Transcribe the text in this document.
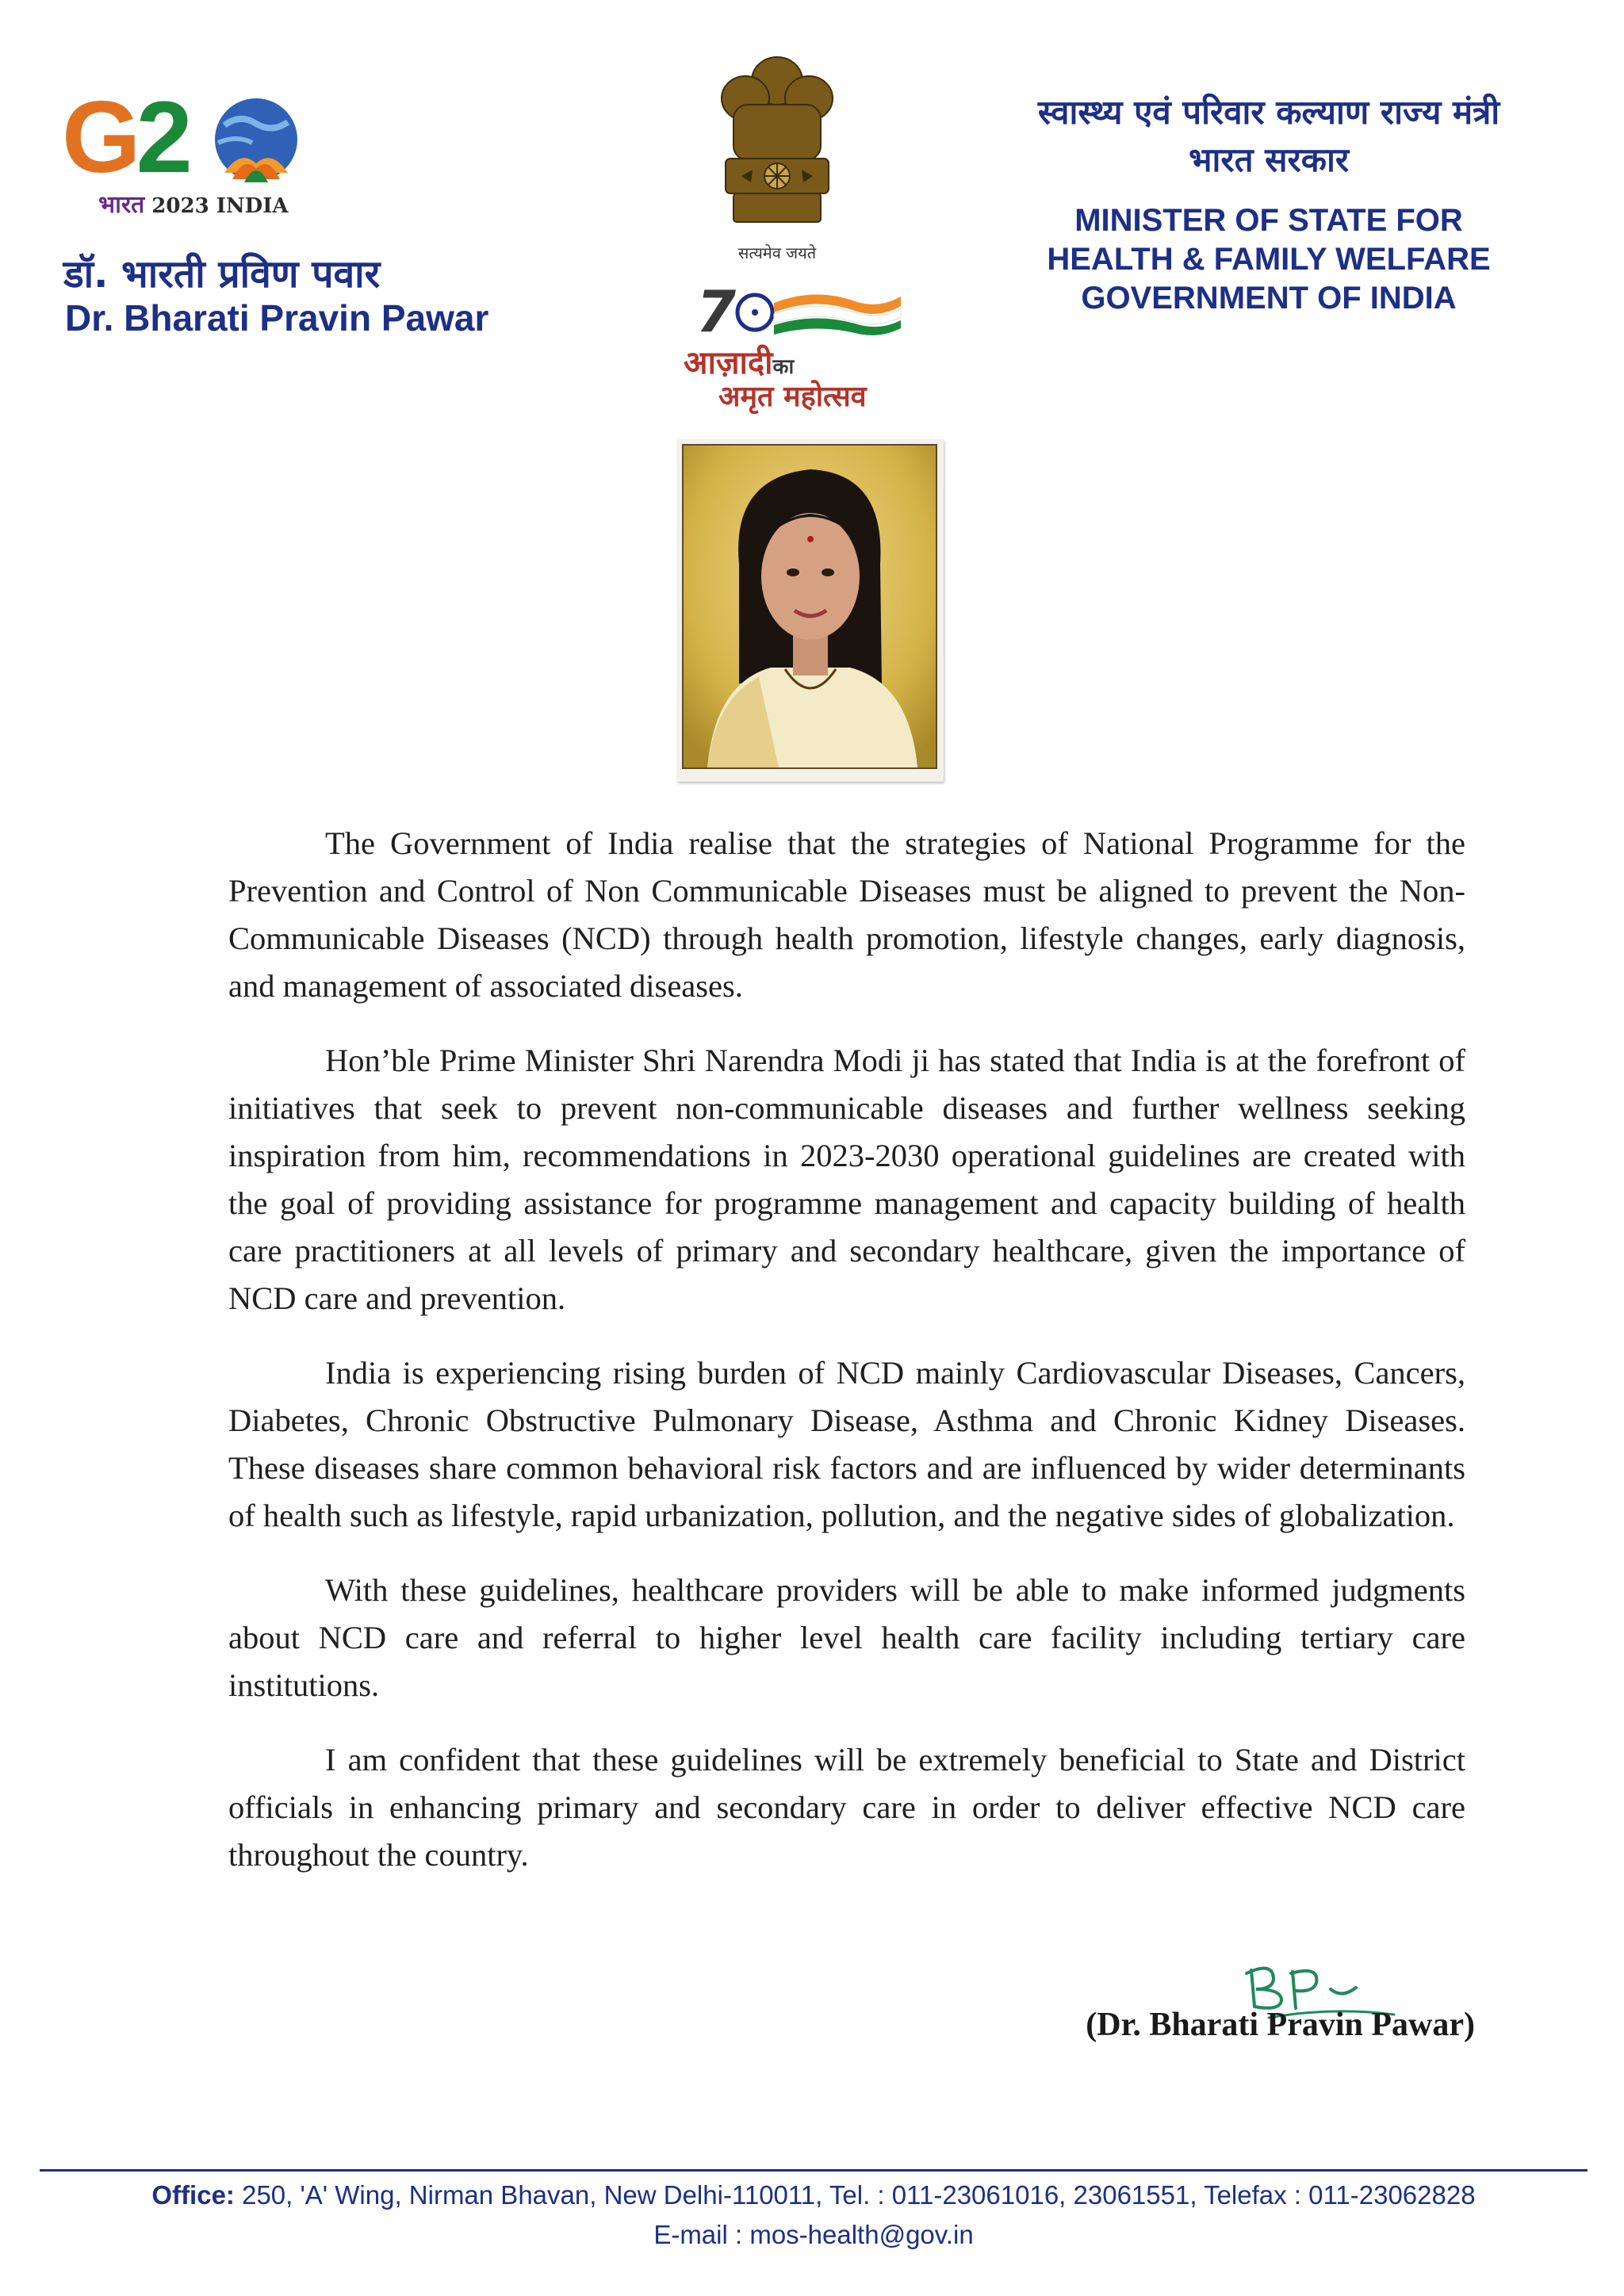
G2
भारत 2023 INDIA
डॉ. भारती प्रविण पवार
Dr. Bharati Pravin Pawar
सत्यमेव जयते
7
आज़ादीका
अमृत महोत्सव
स्वास्थ्य एवं परिवार कल्याण राज्य मंत्री
भारत सरकार
MINISTER OF STATE FOR
HEALTH & FAMILY WELFARE
GOVERNMENT OF INDIA

The Government of India realise that the strategies of National Programme for the Prevention and Control of Non Communicable Diseases must be aligned to prevent the Non-Communicable Diseases (NCD) through health promotion, lifestyle changes, early diagnosis, and management of associated diseases.

Hon’ble Prime Minister Shri Narendra Modi ji has stated that India is at the forefront of initiatives that seek to prevent non-communicable diseases and further wellness seeking inspiration from him, recommendations in 2023-2030 operational guidelines are created with the goal of providing assistance for programme management and capacity building of health care practitioners at all levels of primary and secondary healthcare, given the importance of NCD care and prevention.

India is experiencing rising burden of NCD mainly Cardiovascular Diseases, Cancers, Diabetes, Chronic Obstructive Pulmonary Disease, Asthma and Chronic Kidney Diseases. These diseases share common behavioral risk factors and are influenced by wider determinants of health such as lifestyle, rapid urbanization, pollution, and the negative sides of globalization.

With these guidelines, healthcare providers will be able to make informed judgments about NCD care and referral to higher level health care facility including tertiary care institutions.

I am confident that these guidelines will be extremely beneficial to State and District officials in enhancing primary and secondary care in order to deliver effective NCD care throughout the country.

(Dr. Bharati Pravin Pawar)
Office: 250, 'A' Wing, Nirman Bhavan, New Delhi-110011, Tel. : 011-23061016, 23061551, Telefax : 011-23062828
E-mail : mos-health@gov.in
